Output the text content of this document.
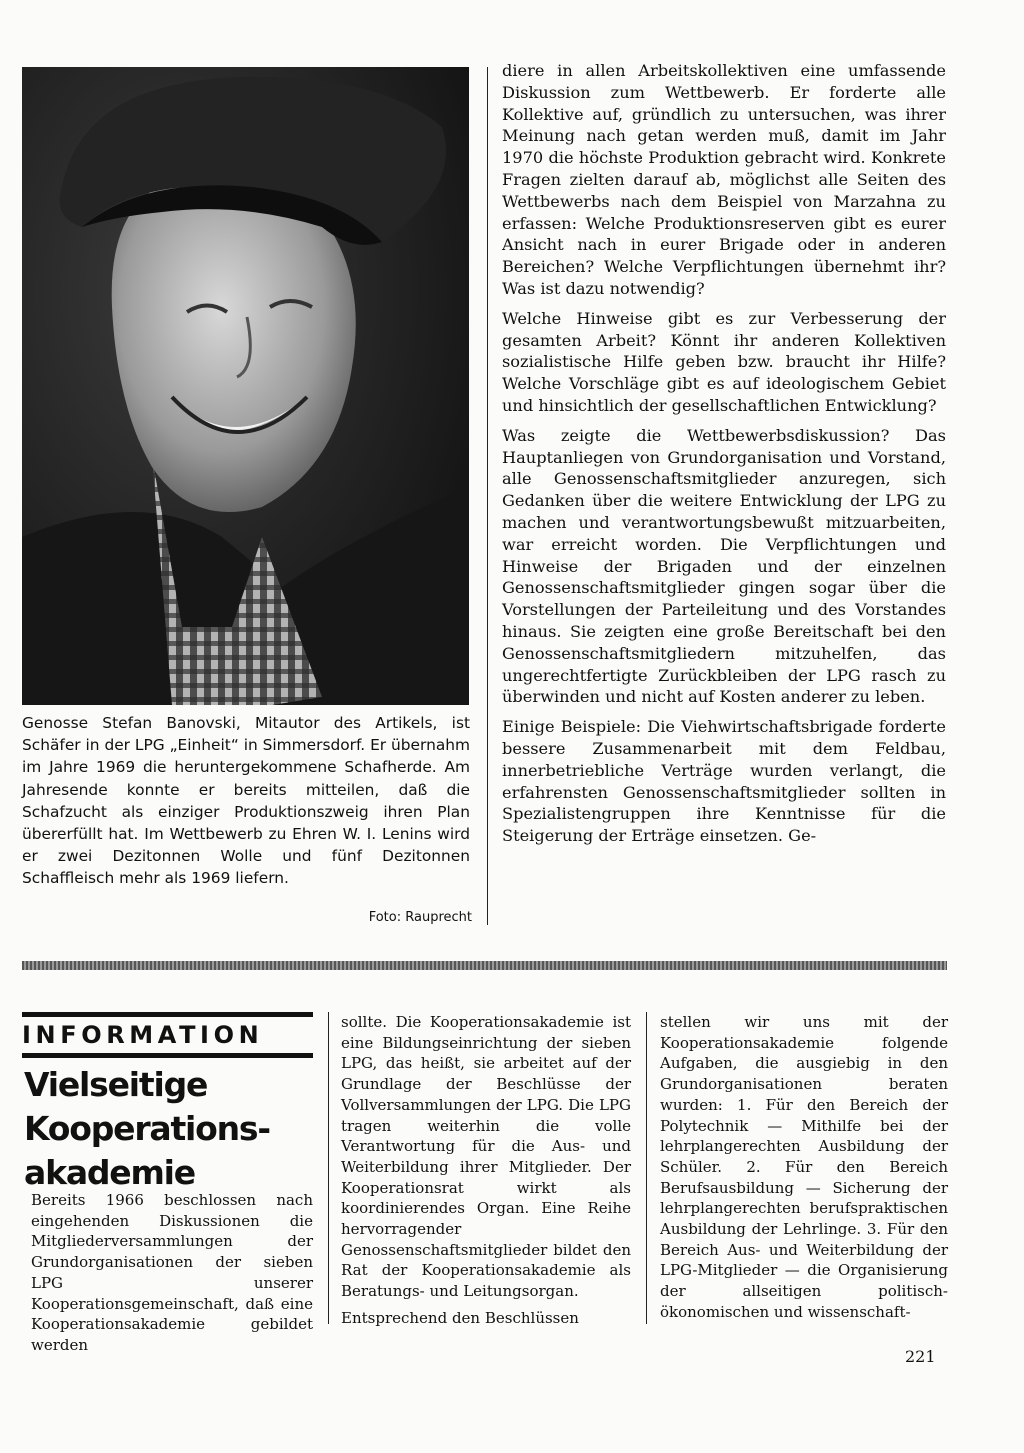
Genosse Stefan Banovski, Mitautor des Artikels, ist Schäfer in der LPG „Einheit“ in Simmersdorf. Er übernahm im Jahre 1969 die heruntergekommene Schafherde. Am Jahresende konnte er bereits mitteilen, daß die Schafzucht als einziger Produktionszweig ihren Plan übererfüllt hat. Im Wettbewerb zu Ehren W. I. Lenins wird er zwei Dezitonnen Wolle und fünf Dezitonnen Schaffleisch mehr als 1969 liefern.

Foto: Rauprecht

diere in allen Arbeitskollektiven eine umfassende Diskussion zum Wettbewerb. Er forderte alle Kollektive auf, gründlich zu untersuchen, was ihrer Meinung nach getan werden muß, damit im Jahr 1970 die höchste Produktion gebracht wird. Konkrete Fragen zielten darauf ab, möglichst alle Seiten des Wettbewerbs nach dem Beispiel von Marzahna zu erfassen: Welche Produktionsreserven gibt es eurer Ansicht nach in eurer Brigade oder in anderen Bereichen? Welche Verpflichtungen übernehmt ihr? Was ist dazu notwendig?

Welche Hinweise gibt es zur Verbesserung der gesamten Arbeit? Könnt ihr anderen Kollektiven sozialistische Hilfe geben bzw. braucht ihr Hilfe? Welche Vorschläge gibt es auf ideologischem Gebiet und hinsichtlich der gesellschaftlichen Entwicklung?

Was zeigte die Wettbewerbsdiskussion? Das Hauptanliegen von Grundorganisation und Vorstand, alle Genossenschaftsmitglieder anzuregen, sich Gedanken über die weitere Entwicklung der LPG zu machen und verantwortungsbewußt mitzuarbeiten, war erreicht worden. Die Verpflichtungen und Hinweise der Brigaden und der einzelnen Genossenschaftsmitglieder gingen sogar über die Vorstellungen der Parteileitung und des Vorstandes hinaus. Sie zeigten eine große Bereitschaft bei den Genossenschaftsmitgliedern mitzuhelfen, das ungerechtfertigte Zurückbleiben der LPG rasch zu überwinden und nicht auf Kosten anderer zu leben.

Einige Beispiele: Die Viehwirtschaftsbrigade forderte bessere Zusammenarbeit mit dem Feldbau, innerbetriebliche Verträge wurden verlangt, die erfahrensten Genossenschaftsmitglieder sollten in Spezialistengruppen ihre Kenntnisse für die Steigerung der Erträge einsetzen. Ge-

INFORMATION
Vielseitige
Kooperations-
akademie

Bereits 1966 beschlossen nach eingehenden Diskussionen die Mitgliederversammlungen der Grundorganisationen der sieben LPG unserer Kooperationsgemeinschaft, daß eine Kooperationsakademie gebildet werden

sollte. Die Kooperationsakademie ist eine Bildungseinrichtung der sieben LPG, das heißt, sie arbeitet auf der Grundlage der Beschlüsse der Vollversammlungen der LPG. Die LPG tragen weiterhin die volle Verantwortung für die Aus- und Weiterbildung ihrer Mitglieder. Der Kooperationsrat wirkt als koordinierendes Organ. Eine Reihe hervorragender Genossenschaftsmitglieder bildet den Rat der Kooperationsakademie als Beratungs- und Leitungsorgan.

Entsprechend den Beschlüssen

stellen wir uns mit der Kooperationsakademie folgende Aufgaben, die ausgiebig in den Grundorganisationen beraten wurden: 1. Für den Bereich der Polytechnik — Mithilfe bei der lehrplangerechten Ausbildung der Schüler. 2. Für den Bereich Berufsausbildung — Sicherung der lehrplangerechten berufspraktischen Ausbildung der Lehrlinge. 3. Für den Bereich Aus- und Weiterbildung der LPG-Mitglieder — die Organisierung der allseitigen politisch-ökonomischen und wissenschaft-

221
